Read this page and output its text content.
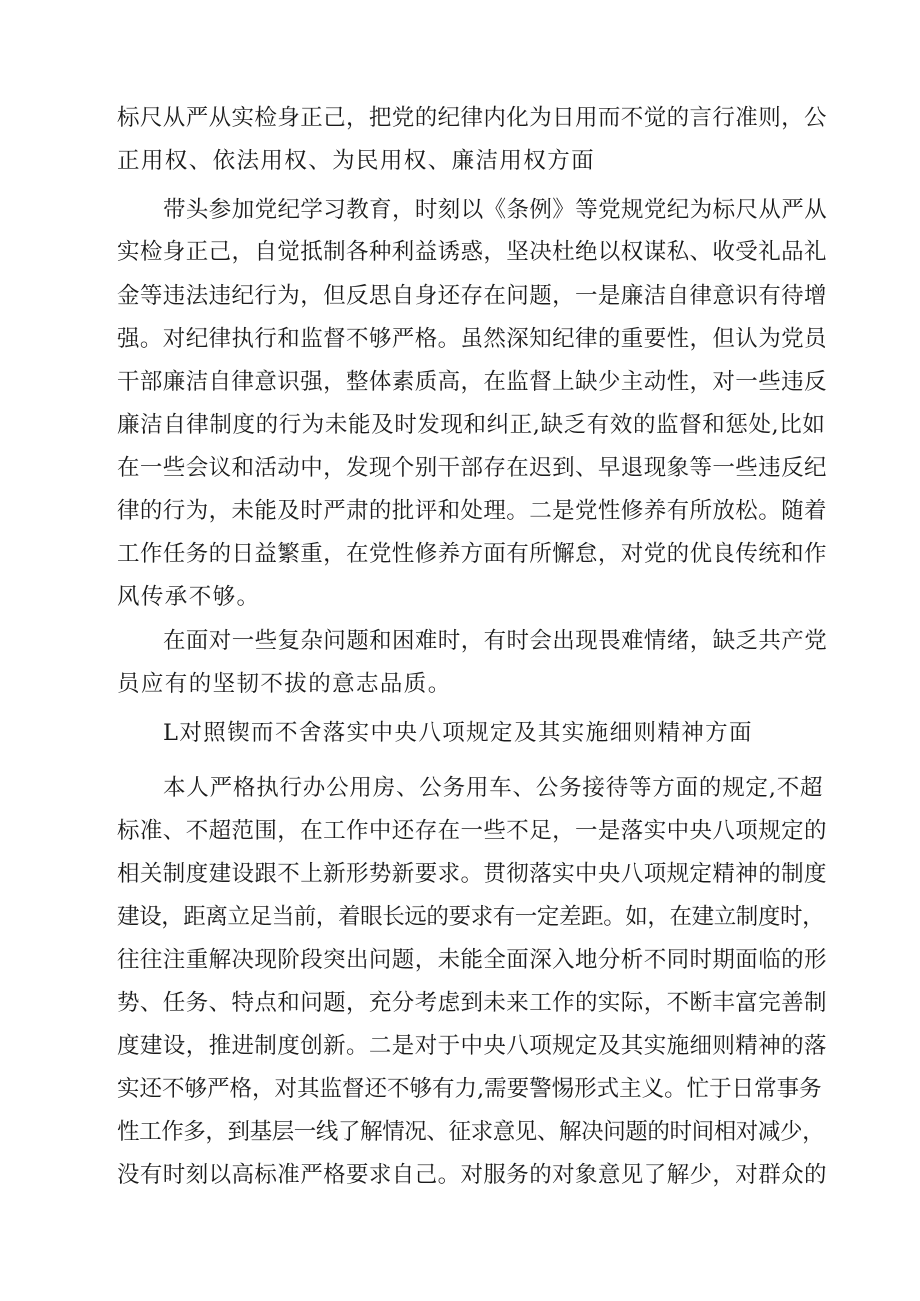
标尺从严从实检身正己，把党的纪律内化为日用而不觉的言行准则，公
正用权、依法用权、为民用权、廉洁用权方面
带头参加党纪学习教育，时刻以《条例》等党规党纪为标尺从严从
实检身正己，自觉抵制各种利益诱惑，坚决杜绝以权谋私、收受礼品礼
金等违法违纪行为，但反思自身还存在问题，一是廉洁自律意识有待增
强。对纪律执行和监督不够严格。虽然深知纪律的重要性，但认为党员
干部廉洁自律意识强，整体素质高，在监督上缺少主动性，对一些违反
廉洁自律制度的行为未能及时发现和纠正,缺乏有效的监督和惩处,比如
在一些会议和活动中，发现个别干部存在迟到、早退现象等一些违反纪
律的行为，未能及时严肃的批评和处理。二是党性修养有所放松。随着
工作任务的日益繁重，在党性修养方面有所懈怠，对党的优良传统和作
风传承不够。
在面对一些复杂问题和困难时，有时会出现畏难情绪，缺乏共产党
员应有的坚韧不拔的意志品质。
L对照锲而不舍落实中央八项规定及其实施细则精神方面
本人严格执行办公用房、公务用车、公务接待等方面的规定,不超
标准、不超范围，在工作中还存在一些不足，一是落实中央八项规定的
相关制度建设跟不上新形势新要求。贯彻落实中央八项规定精神的制度
建设，距离立足当前，着眼长远的要求有一定差距。如，在建立制度时，
往往注重解决现阶段突出问题，未能全面深入地分析不同时期面临的形
势、任务、特点和问题，充分考虑到未来工作的实际，不断丰富完善制
度建设，推进制度创新。二是对于中央八项规定及其实施细则精神的落
实还不够严格，对其监督还不够有力,需要警惕形式主义。忙于日常事务
性工作多，到基层一线了解情况、征求意见、解决问题的时间相对减少，
没有时刻以高标准严格要求自己。对服务的对象意见了解少，对群众的
